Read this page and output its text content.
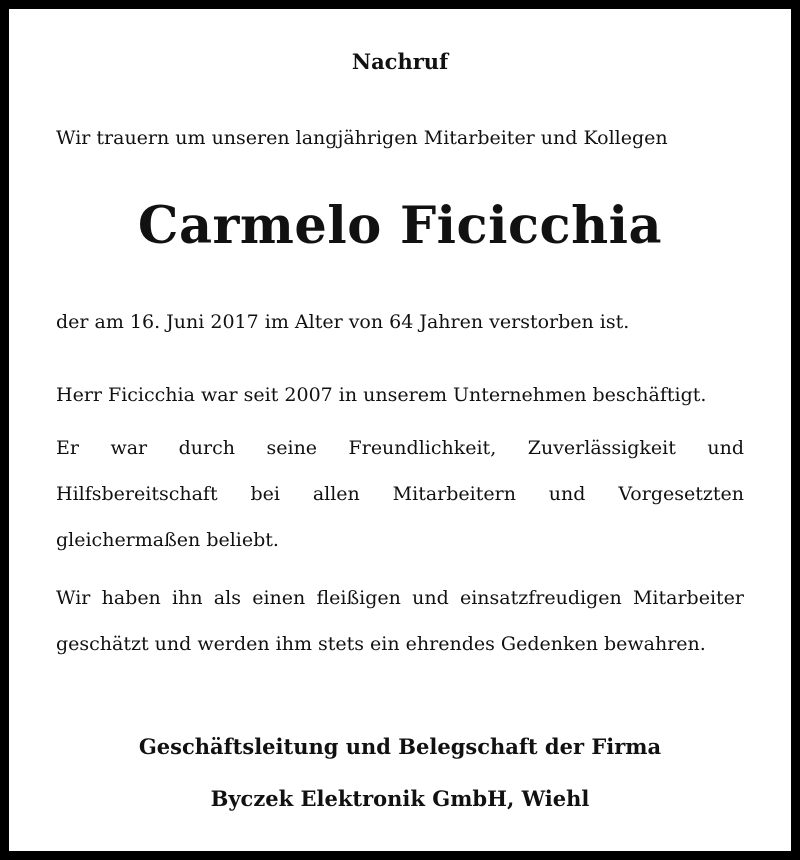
Nachruf
Wir trauern um unseren langjährigen Mitarbeiter und Kollegen
Carmelo Ficicchia
der am 16. Juni 2017 im Alter von 64 Jahren verstorben ist.
Herr Ficicchia war seit 2007 in unserem Unternehmen beschäftigt.
Er war durch seine Freundlichkeit, Zuverlässigkeit und Hilfsbereitschaft bei allen Mitarbeitern und Vorgesetzten gleichermaßen beliebt.
Wir haben ihn als einen fleißigen und einsatzfreudigen Mitarbeiter geschätzt und werden ihm stets ein ehrendes Gedenken bewahren.
Geschäftsleitung und Belegschaft der Firma
Byczek Elektronik GmbH, Wiehl
